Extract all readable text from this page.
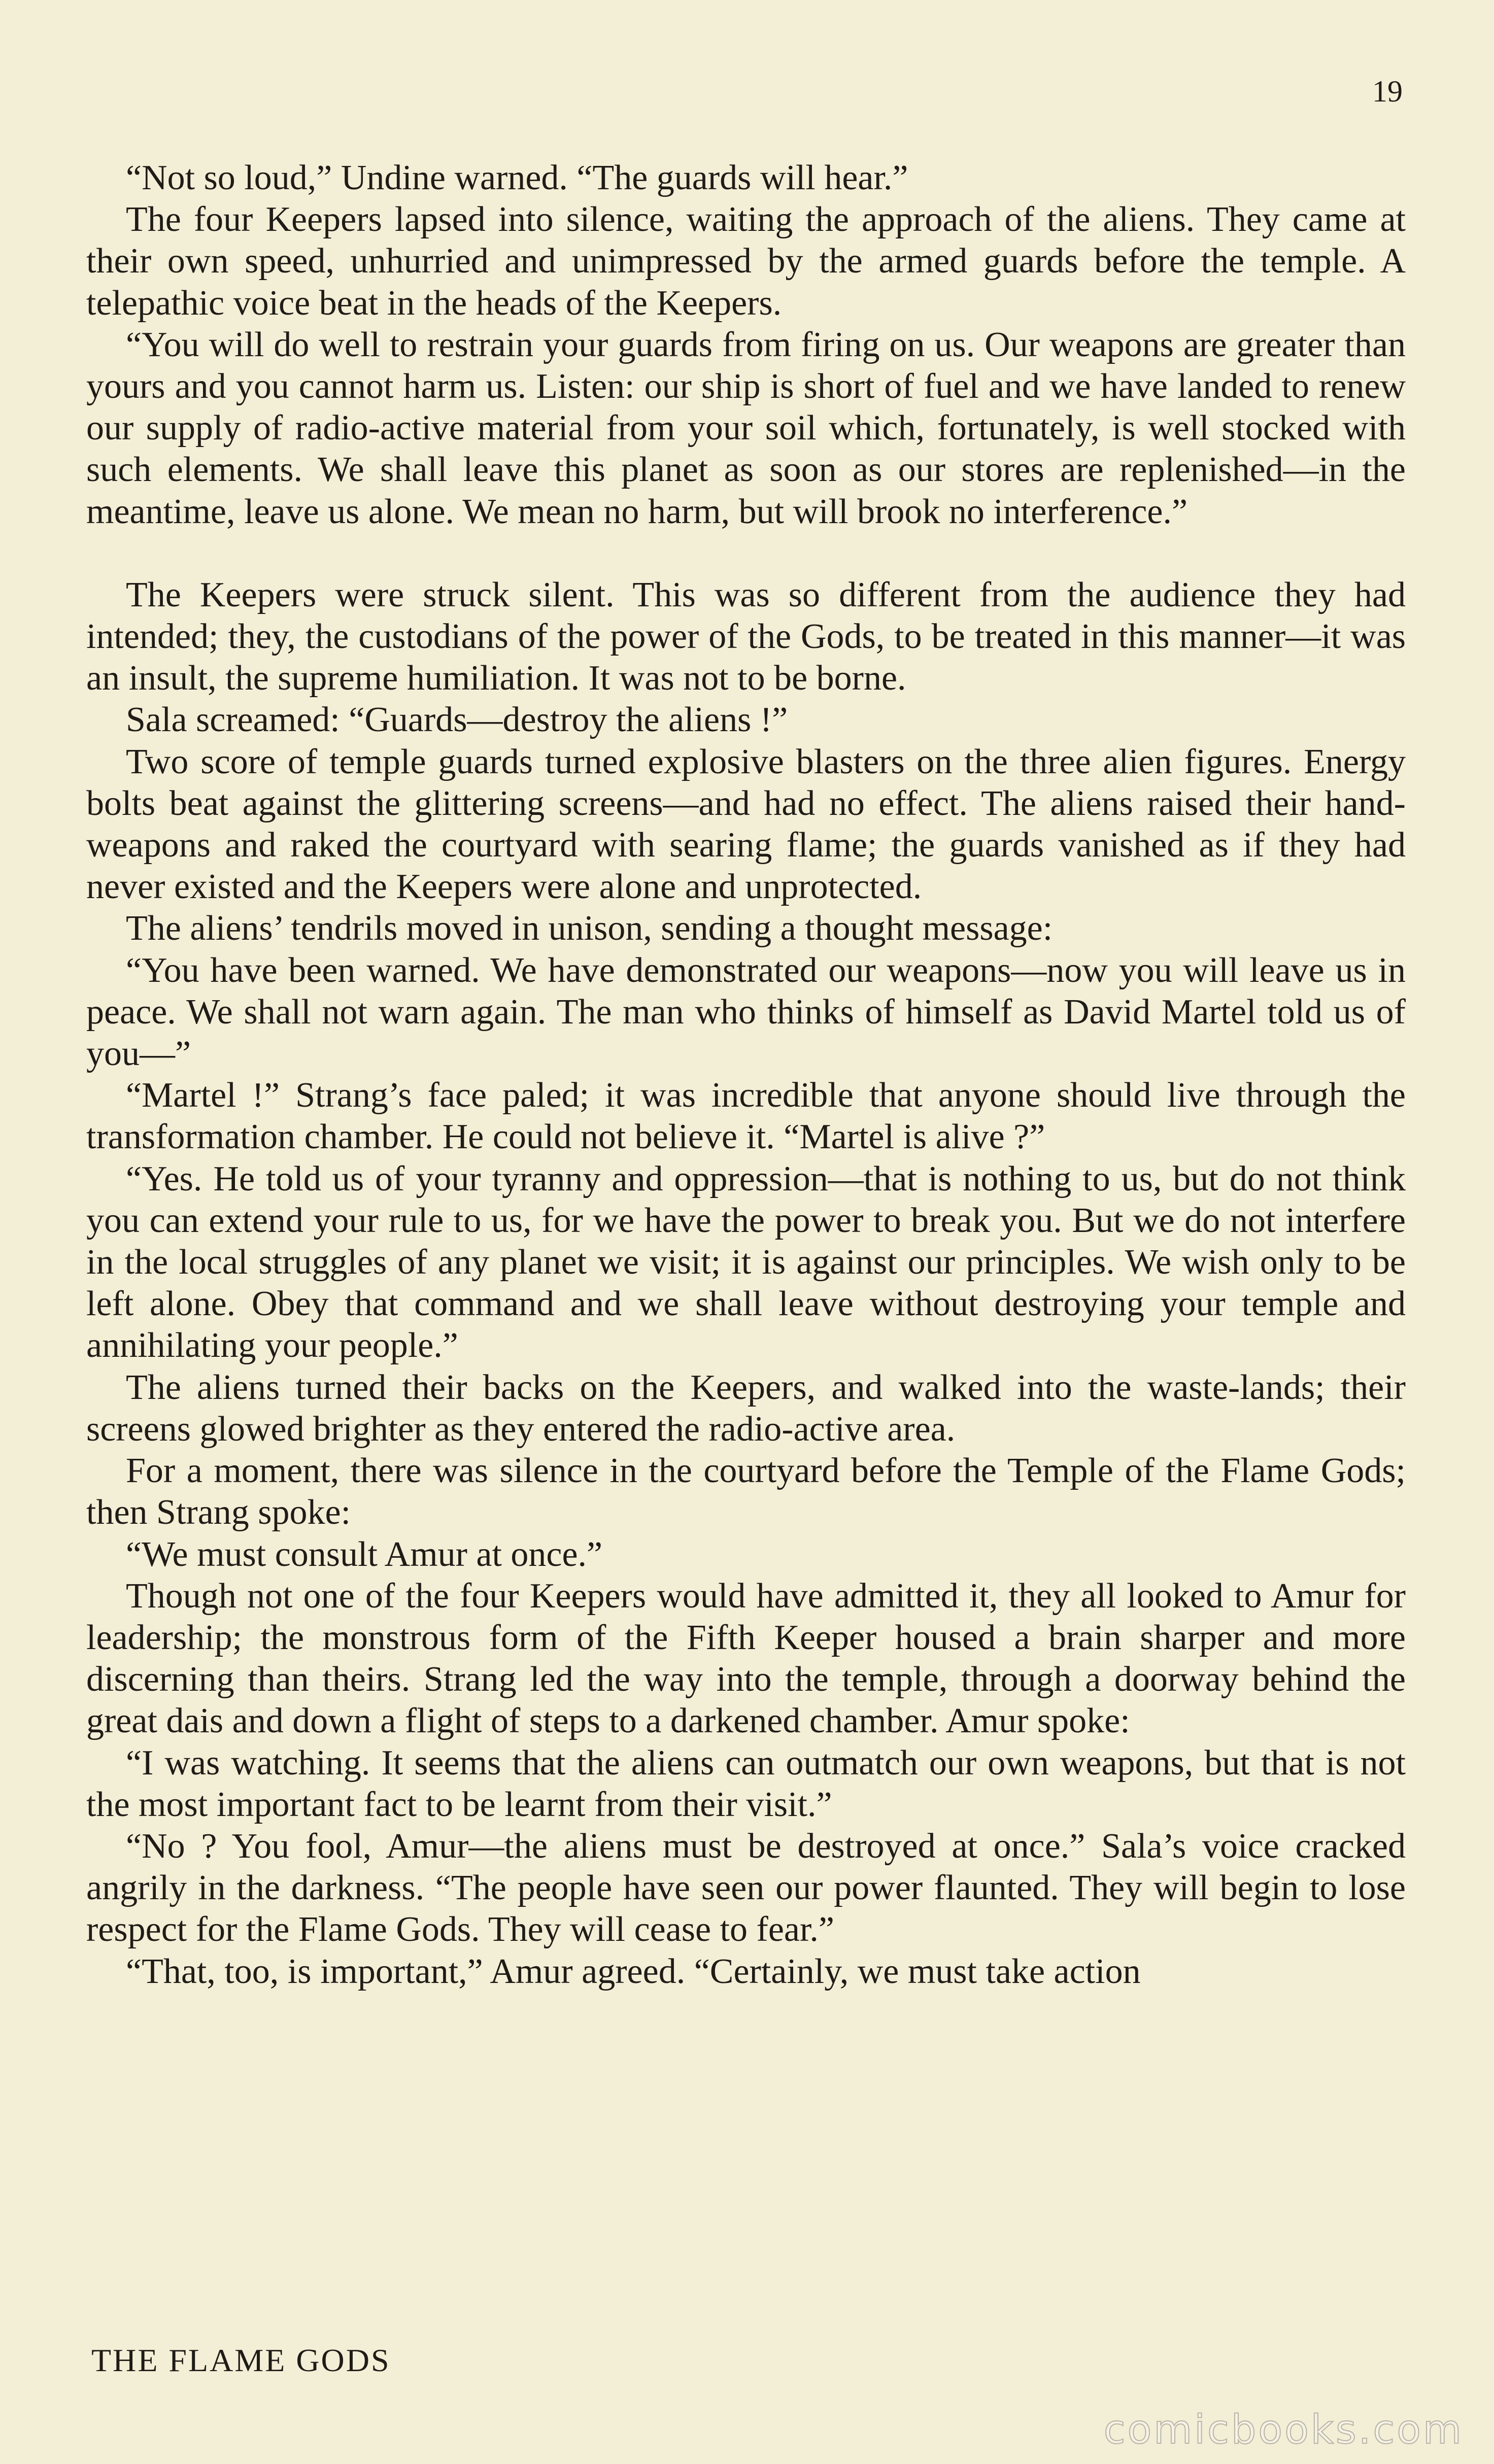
19

“Not so loud,” Undine warned. “The guards will hear.”

The four Keepers lapsed into silence, waiting the approach of the aliens. They came at their own speed, unhurried and unimpressed by the armed guards before the temple. A telepathic voice beat in the heads of the Keepers.

“You will do well to restrain your guards from firing on us. Our weapons are greater than yours and you cannot harm us. Listen: our ship is short of fuel and we have landed to renew our supply of radio-active material from your soil which, fortunately, is well stocked with such elements. We shall leave this planet as soon as our stores are replenished—in the meantime, leave us alone. We mean no harm, but will brook no interference.”

The Keepers were struck silent. This was so different from the audience they had intended; they, the custodians of the power of the Gods, to be treated in this manner—it was an insult, the supreme humiliation. It was not to be borne.

Sala screamed: “Guards—destroy the aliens !”

Two score of temple guards turned explosive blasters on the three alien figures. Energy bolts beat against the glittering screens—and had no effect. The aliens raised their hand-weapons and raked the courtyard with searing flame; the guards vanished as if they had never existed and the Keepers were alone and unprotected.

The aliens’ tendrils moved in unison, sending a thought message:

“You have been warned. We have demonstrated our weapons—now you will leave us in peace. We shall not warn again. The man who thinks of himself as David Martel told us of you—”

“Martel !” Strang’s face paled; it was incredible that anyone should live through the transformation chamber. He could not believe it. “Martel is alive ?”

“Yes. He told us of your tyranny and oppression—that is nothing to us, but do not think you can extend your rule to us, for we have the power to break you. But we do not interfere in the local struggles of any planet we visit; it is against our principles. We wish only to be left alone. Obey that command and we shall leave without destroying your temple and annihilating your people.”

The aliens turned their backs on the Keepers, and walked into the waste-lands; their screens glowed brighter as they entered the radio-active area.

For a moment, there was silence in the courtyard before the Temple of the Flame Gods; then Strang spoke:

“We must consult Amur at once.”

Though not one of the four Keepers would have admitted it, they all looked to Amur for leadership; the monstrous form of the Fifth Keeper housed a brain sharper and more discerning than theirs. Strang led the way into the temple, through a doorway behind the great dais and down a flight of steps to a darkened chamber. Amur spoke:

“I was watching. It seems that the aliens can outmatch our own weapons, but that is not the most important fact to be learnt from their visit.”

“No ? You fool, Amur—the aliens must be destroyed at once.” Sala’s voice cracked angrily in the darkness. “The people have seen our power flaunted. They will begin to lose respect for the Flame Gods. They will cease to fear.”

“That, too, is important,” Amur agreed. “Certainly, we must take action

THE FLAME GODS
comicbooks.com
